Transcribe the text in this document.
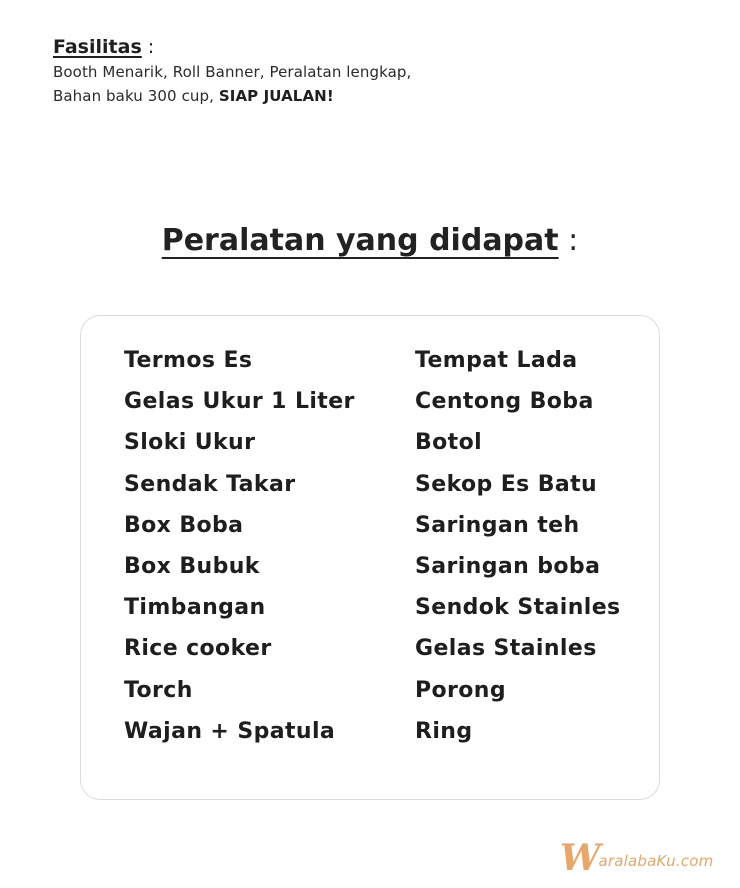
Fasilitas :
Booth Menarik, Roll Banner, Peralatan lengkap,
Bahan baku 300 cup, SIAP JUALAN!
Peralatan yang didapat :
Termos Es
Gelas Ukur 1 Liter
Sloki Ukur
Sendak Takar
Box Boba
Box Bubuk
Timbangan
Rice cooker
Torch
Wajan + Spatula
Tempat Lada
Centong Boba
Botol
Sekop Es Batu
Saringan teh
Saringan boba
Sendok Stainles
Gelas Stainles
Porong
Ring
W
aralabaKu.com
